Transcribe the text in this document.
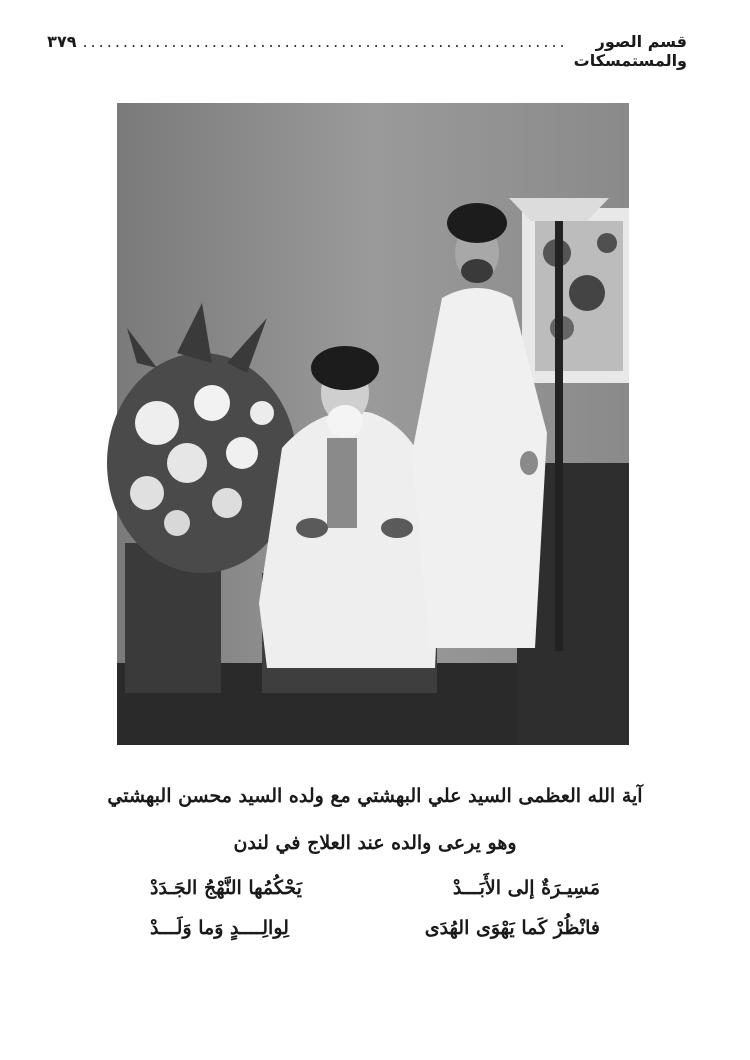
قسم الصور والمستمسكات
............................................................
٣٧٩
آية الله العظمى السيد علي البهشتي مع ولده السيد محسن البهشتي
وهو يرعى والده عند العلاج في لندن
مَسِيـرَةٌ إلى الأَبَـــدْ
يَحْكُمُها النَّهْجُ الجَـدَدْ
فانْظُرْ كَما يَهْوَى الهُدَى
لِوالِــــدٍ وَما وَلَـــدْ
